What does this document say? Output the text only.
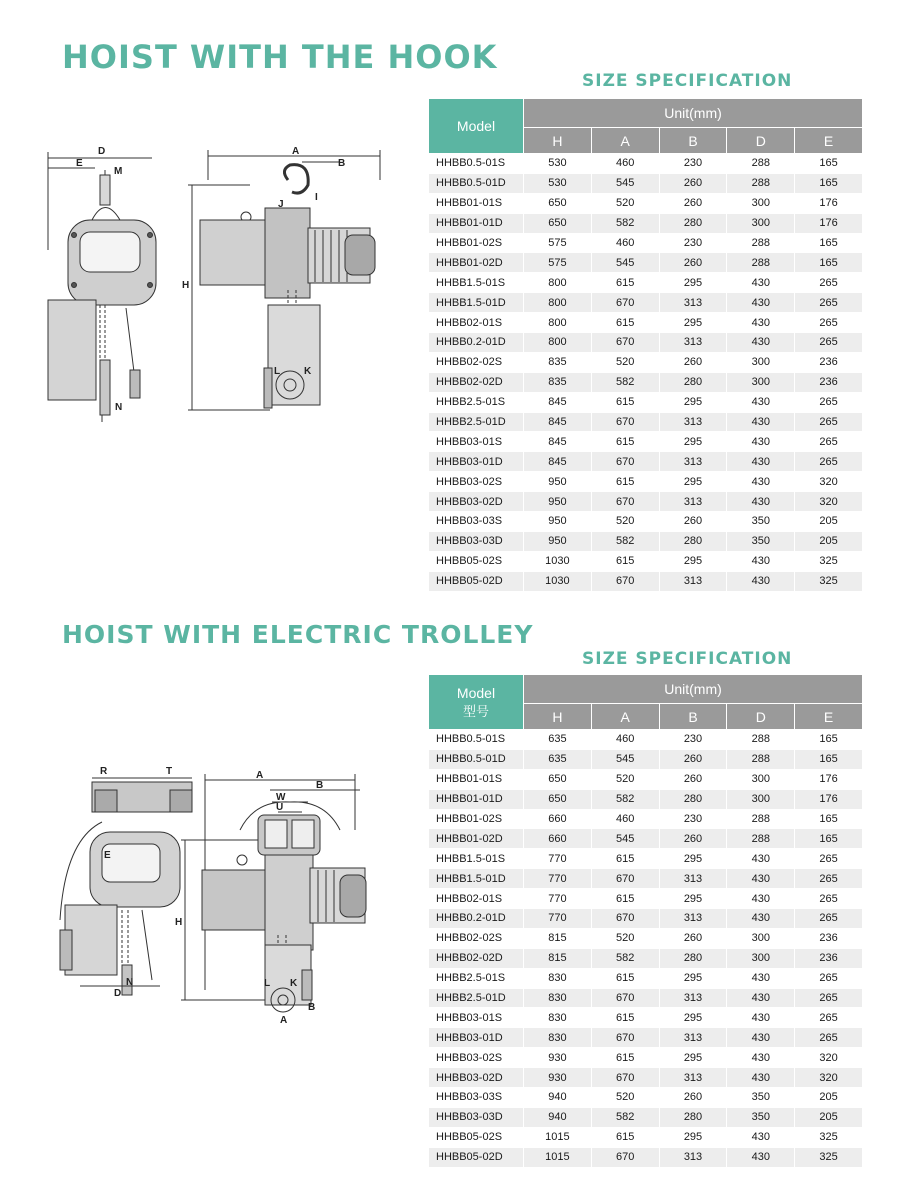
HOIST WITH THE HOOK
SIZE SPECIFICATION
D
E
M
N
A
B
H
J
I
L K
Model	Unit(mm)				
	H	A	B	D	E
HHBB0.5-01S	530	460	230	288	165
HHBB0.5-01D	530	545	260	288	165
HHBB01-01S	650	520	260	300	176
HHBB01-01D	650	582	280	300	176
HHBB01-02S	575	460	230	288	165
HHBB01-02D	575	545	260	288	165
HHBB1.5-01S	800	615	295	430	265
HHBB1.5-01D	800	670	313	430	265
HHBB02-01S	800	615	295	430	265
HHBB0.2-01D	800	670	313	430	265
HHBB02-02S	835	520	260	300	236
HHBB02-02D	835	582	280	300	236
HHBB2.5-01S	845	615	295	430	265
HHBB2.5-01D	845	670	313	430	265
HHBB03-01S	845	615	295	430	265
HHBB03-01D	845	670	313	430	265
HHBB03-02S	950	615	295	430	320
HHBB03-02D	950	670	313	430	320
HHBB03-03S	950	520	260	350	205
HHBB03-03D	950	582	280	350	205
HHBB05-02S	1030	615	295	430	325
HHBB05-02D	1030	670	313	430	325
HOIST WITH ELECTRIC TROLLEY
SIZE SPECIFICATION
R	T
E
D
N
A
B
W
U
H
L K
A
B
Model
型号	Unit(mm)				
	H	A	B	D	E
HHBB0.5-01S	635	460	230	288	165
HHBB0.5-01D	635	545	260	288	165
HHBB01-01S	650	520	260	300	176
HHBB01-01D	650	582	280	300	176
HHBB01-02S	660	460	230	288	165
HHBB01-02D	660	545	260	288	165
HHBB1.5-01S	770	615	295	430	265
HHBB1.5-01D	770	670	313	430	265
HHBB02-01S	770	615	295	430	265
HHBB0.2-01D	770	670	313	430	265
HHBB02-02S	815	520	260	300	236
HHBB02-02D	815	582	280	300	236
HHBB2.5-01S	830	615	295	430	265
HHBB2.5-01D	830	670	313	430	265
HHBB03-01S	830	615	295	430	265
HHBB03-01D	830	670	313	430	265
HHBB03-02S	930	615	295	430	320
HHBB03-02D	930	670	313	430	320
HHBB03-03S	940	520	260	350	205
HHBB03-03D	940	582	280	350	205
HHBB05-02S	1015	615	295	430	325
HHBB05-02D	1015	670	313	430	325
